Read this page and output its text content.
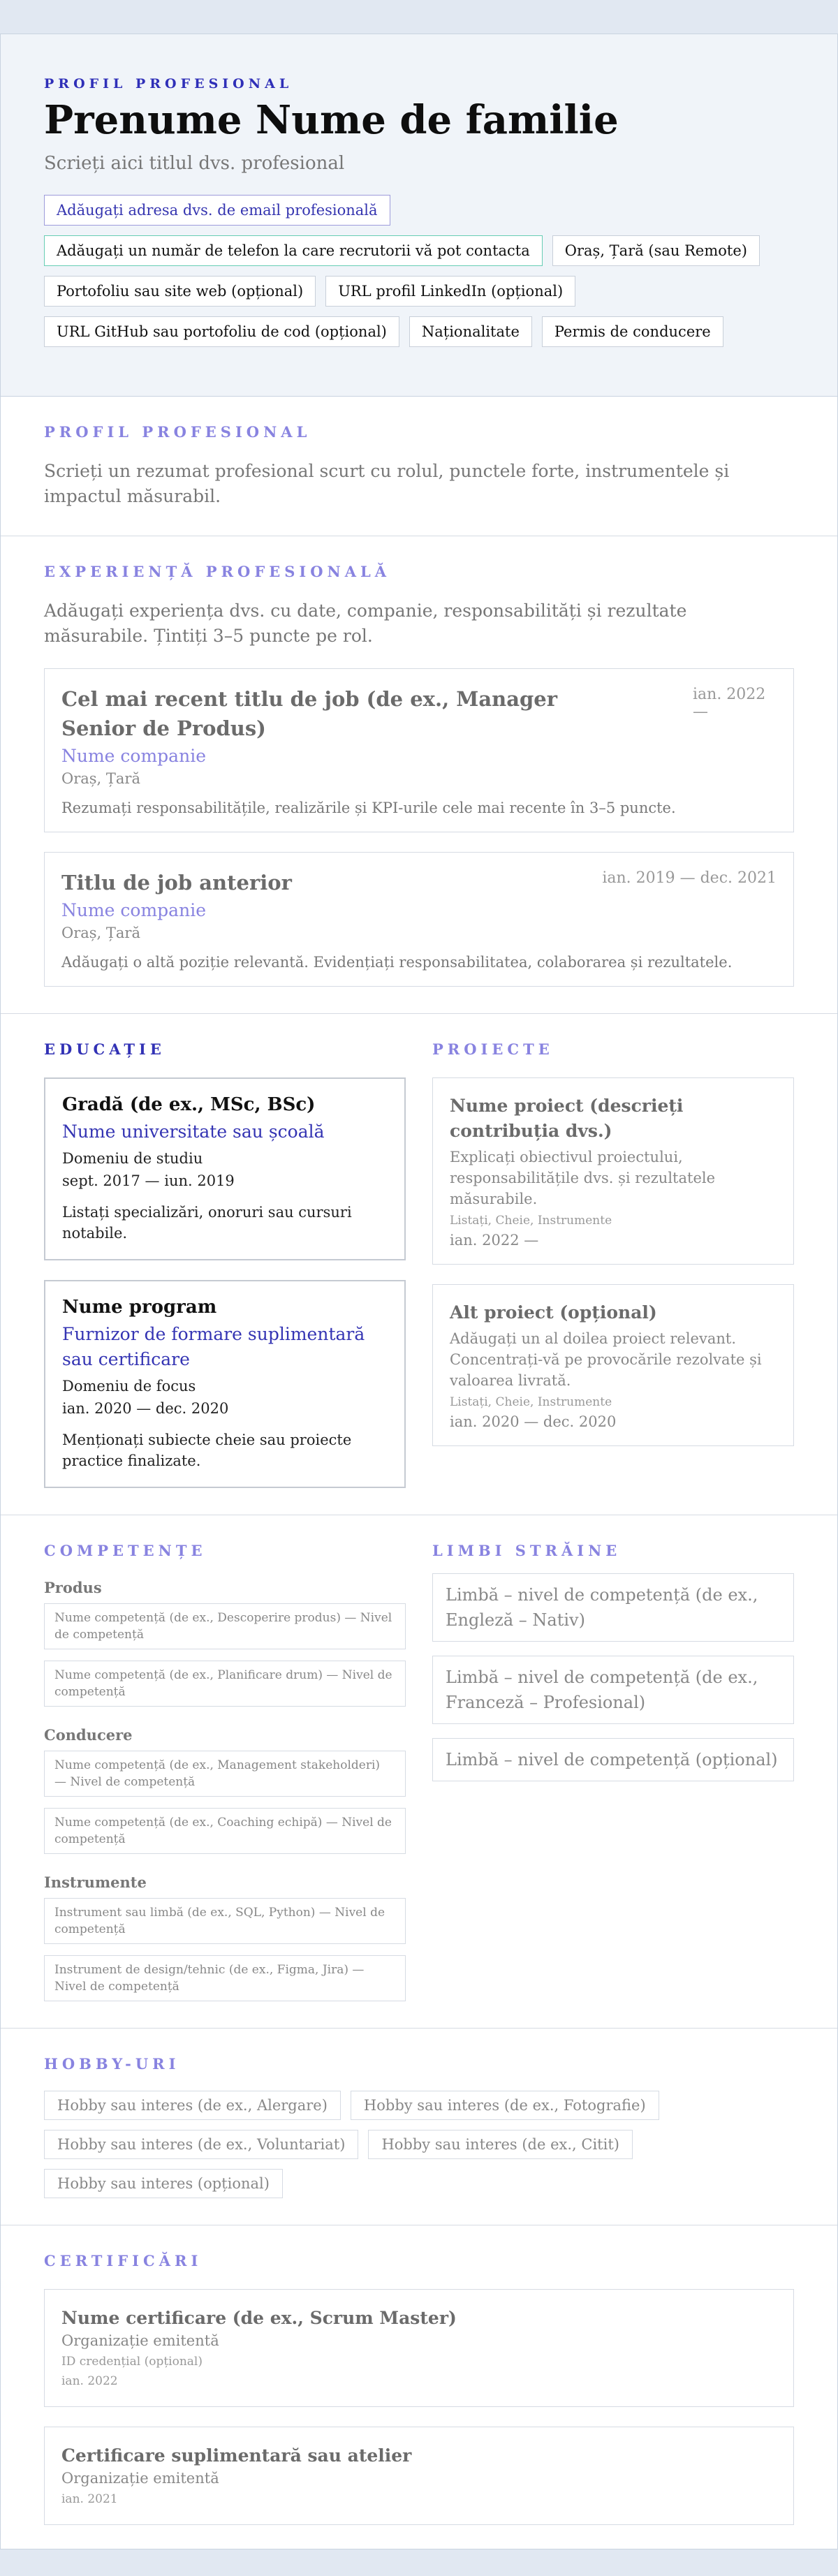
PROFIL PROFESIONAL
Prenume Nume de familie
Scrieți aici titlul dvs. profesional
Adăugați adresa dvs. de email profesională
Adăugați un număr de telefon la care recrutorii vă pot contacta	Oraș, Țară (sau Remote)
Portofoliu sau site web (opțional)	URL profil LinkedIn (opțional)
URL GitHub sau portofoliu de cod (opțional)	Naționalitate	Permis de conducere
PROFIL PROFESIONAL
Scrieți un rezumat profesional scurt cu rolul, punctele forte, instrumentele și impactul măsurabil.
EXPERIENȚĂ PROFESIONALĂ
Adăugați experiența dvs. cu date, companie, responsabilități și rezultate măsurabile. Țintiți 3–5 puncte pe rol.
Cel mai recent titlu de job (de ex., Manager Senior de Produs)
ian. 2022 —
Nume companie
Oraș, Țară
Rezumați responsabilitățile, realizările și KPI-urile cele mai recente în 3–5 puncte.
Titlu de job anterior	ian. 2019 — dec. 2021
Nume companie
Oraș, Țară
Adăugați o altă poziție relevantă. Evidențiați responsabilitatea, colaborarea și rezultatele.
EDUCAȚIE
Gradă (de ex., MSc, BSc)
Nume universitate sau școală
Domeniu de studiu
sept. 2017 — iun. 2019
Listați specializări, onoruri sau cursuri notabile.
Nume program
Furnizor de formare suplimentară sau certificare
Domeniu de focus
ian. 2020 — dec. 2020
Menționați subiecte cheie sau proiecte practice finalizate.
PROIECTE
Nume proiect (descrieți contribuția dvs.)
Explicați obiectivul proiectului, responsabilitățile dvs. și rezultatele măsurabile.
Listați, Cheie, Instrumente
ian. 2022 —
Alt proiect (opțional)
Adăugați un al doilea proiect relevant. Concentrați-vă pe provocările rezolvate și valoarea livrată.
Listați, Cheie, Instrumente
ian. 2020 — dec. 2020
COMPETENȚE
Produs
Nume competență (de ex., Descoperire produs) — Nivel de competență
Nume competență (de ex., Planificare drum) — Nivel de competență
Conducere
Nume competență (de ex., Management stakeholderi) — Nivel de competență
Nume competență (de ex., Coaching echipă) — Nivel de competență
Instrumente
Instrument sau limbă (de ex., SQL, Python) — Nivel de competență
Instrument de design/tehnic (de ex., Figma, Jira) — Nivel de competență
LIMBI STRĂINE
Limbă – nivel de competență (de ex., Engleză – Nativ)
Limbă – nivel de competență (de ex., Franceză – Profesional)
Limbă – nivel de competență (opțional)
HOBBY-URI
Hobby sau interes (de ex., Alergare)	Hobby sau interes (de ex., Fotografie)
Hobby sau interes (de ex., Voluntariat)	Hobby sau interes (de ex., Citit)
Hobby sau interes (opțional)
CERTIFICĂRI
Nume certificare (de ex., Scrum Master)
Organizație emitentă
ID credențial (opțional)
ian. 2022
Certificare suplimentară sau atelier
Organizație emitentă
ian. 2021
